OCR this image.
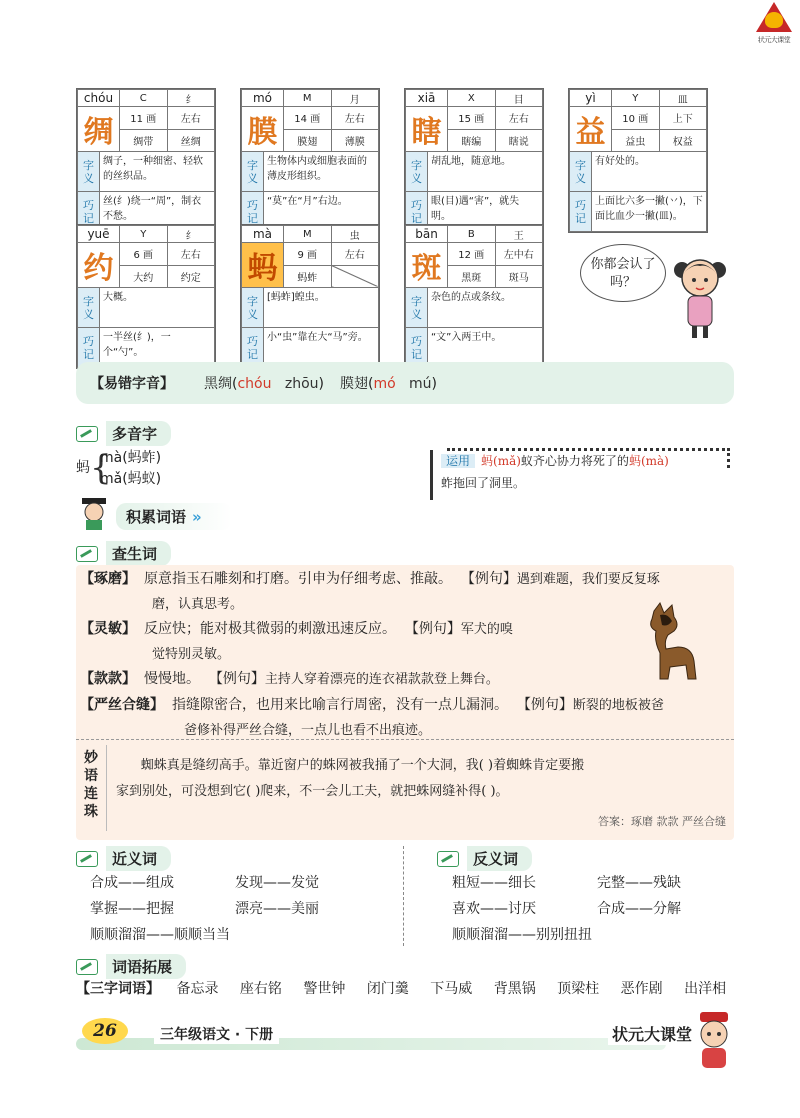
状元大课堂
chóu		C	纟
绸		11 画	左右
		绸带	丝绸
字义	绸子，一种细密、轻软的丝织品。		
巧记	丝(纟)绕一“周”，制衣不愁。		
mó		M	月
膜		14 画	左右
		膜翅	薄膜
字义	生物体内或细胞表面的薄皮形组织。		
巧记	“莫”在“月”右边。		
xiā		X	目
瞎		15 画	左右
		瞎编	瞎说
字义	胡乱地，随意地。		
巧记	眼(目)遇“害”，就失明。		
yì		Y	皿
益		10 画	上下
		益虫	权益
字义	有好处的。		
巧记	上面比六多一撇(丷)，下面比血少一撇(皿)。		
yuē		Y	纟
约		6 画	左右
		大约	约定
字义	大概。		
巧记	一半丝(纟)，一个“勺”。		
mà		M	虫
蚂		9 画	左右
		蚂蚱	
字义	[蚂蚱]蝗虫。		
巧记	小“虫”靠在大“马”旁。		
bān		B	王
斑		12 画	左中右
		黑斑	斑马
字义	杂色的点或条纹。		
巧记	“文”入两王中。		
你都会认了吗？
【易错字音】 黑绸(chóu zhōu) 膜翅(mó mú)
多音字
蚂 {
mà(蚂蚱)
mǎ(蚂蚁)
运用 蚂(mǎ)蚁齐心协力将死了的蚂(mà)
蚱拖回了洞里。
积累词语 »
查生词
【琢磨】 原意指玉石雕刻和打磨。引申为仔细考虑、推敲。 【例句】遇到难题，我们要反复琢
磨，认真思考。
【灵敏】 反应快；能对极其微弱的刺激迅速反应。 【例句】军犬的嗅
觉特别灵敏。
【款款】 慢慢地。 【例句】主持人穿着漂亮的连衣裙款款登上舞台。
【严丝合缝】 指缝隙密合，也用来比喻言行周密，没有一点儿漏洞。 【例句】断裂的地板被爸
爸修补得严丝合缝，一点儿也看不出痕迹。
妙语连珠
蜘蛛真是缝纫高手。靠近窗户的蛛网被我捅了一个大洞，我( )着蜘蛛肯定要搬
家到别处，可没想到它( )爬来，不一会儿工夫，就把蛛网缝补得( )。
答案：琢磨 款款 严丝合缝
近义词
合成——组成	发现——发觉
掌握——把握	漂亮——美丽
顺顺溜溜——顺顺当当
反义词
粗短——细长	完整——残缺
喜欢——讨厌	合成——分解
顺顺溜溜——别别扭扭
词语拓展
【三字词语】 备忘录 座右铭 警世钟 闭门羹 下马威 背黑锅 顶梁柱 恶作剧 出洋相
26	三年级语文 · 下册	状元大课堂
